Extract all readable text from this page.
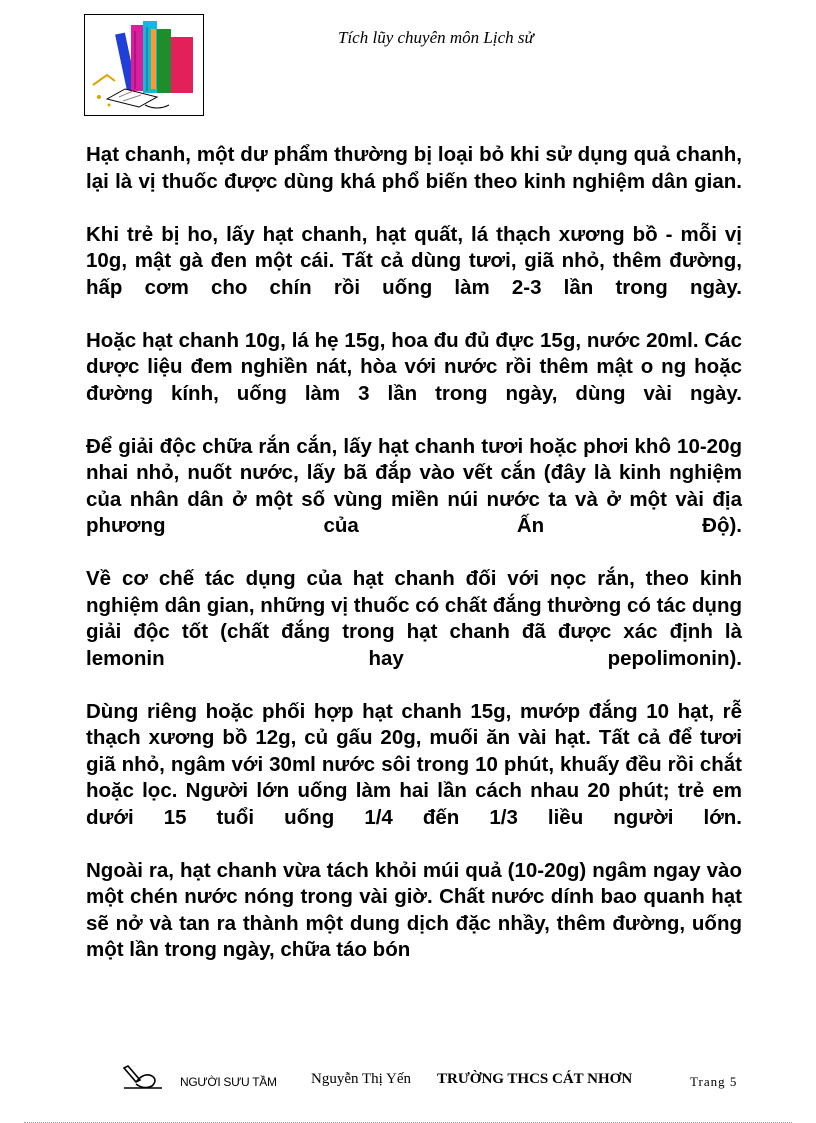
Tích lũy chuyên môn Lịch sử

Hạt chanh, một dư phẩm thường bị loại bỏ khi sử dụng quả chanh, lại là vị thuốc được dùng khá phổ biến theo kinh nghiệm dân gian.

Khi trẻ bị ho, lấy hạt chanh, hạt quất, lá thạch xương bồ - mỗi vị 10g, mật gà đen một cái. Tất cả dùng tươi, giã nhỏ, thêm đường, hấp cơm cho chín rồi uống làm 2-3 lần trong ngày.

Hoặc hạt chanh 10g, lá hẹ 15g, hoa đu đủ đực 15g, nước 20ml. Các dược liệu đem nghiền nát, hòa với nước rồi thêm mật o ng hoặc đường kính, uống làm 3 lần trong ngày, dùng vài ngày.

Để giải độc chữa rắn cắn, lấy hạt chanh tươi hoặc phơi khô 10-20g nhai nhỏ, nuốt nước, lấy bã đắp vào vết cắn (đây là kinh nghiệm của nhân dân ở một số vùng miền núi nước ta và ở một vài địa phương của Ấn Độ).

Về cơ chế tác dụng của hạt chanh đối với nọc rắn, theo kinh nghiệm dân gian, những vị thuốc có chất đắng thường có tác dụng giải độc tốt (chất đắng trong hạt chanh đã được xác định là lemonin hay pepolimonin).

Dùng riêng hoặc phối hợp hạt chanh 15g, mướp đắng 10 hạt, rễ thạch xương bồ 12g, củ gấu 20g, muối ăn vài hạt. Tất cả để tươi giã nhỏ, ngâm với 30ml nước sôi trong 10 phút, khuấy đều rồi chắt hoặc lọc. Người lớn uống làm hai lần cách nhau 20 phút; trẻ em dưới 15 tuổi uống 1/4 đến 1/3 liều người lớn.

Ngoài ra, hạt chanh vừa tách khỏi múi quả (10-20g) ngâm ngay vào một chén nước nóng trong vài giờ. Chất nước dính bao quanh hạt sẽ nở và tan ra thành một dung dịch đặc nhầy, thêm đường, uống một lần trong ngày, chữa táo bón

NGƯỜI SƯU TẦM Nguyễn Thị Yến TRƯỜNG THCS CÁT NHƠN	Trang 5
